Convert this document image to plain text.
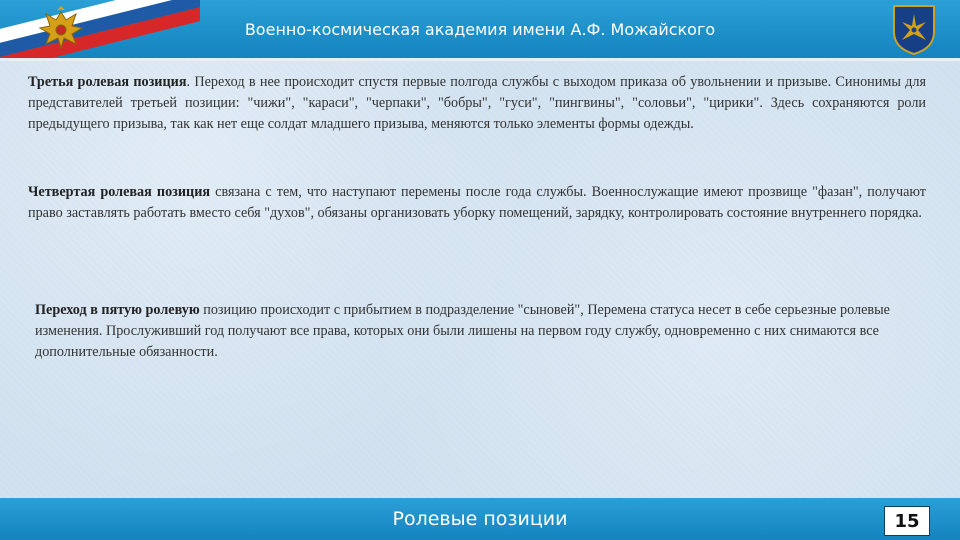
Военно-космическая академия имени А.Ф. Можайского

Третья ролевая позиция. Переход в нее происходит спустя первые полгода службы с выходом приказа об увольнении и призыве. Синонимы для представителей третьей позиции: "чижи", "караси", "черпаки", "бобры", "гуси", "пингвины", "соловьи", "цирики". Здесь сохраняются роли предыдущего призыва, так как нет еще солдат младшего призыва, меняются только элементы формы одежды.

Четвертая ролевая позиция связана с тем, что наступают перемены после года службы. Военнослужащие имеют прозвище "фазан", получают право заставлять работать вместо себя "духов", обязаны организовать уборку помещений, зарядку, контролировать состояние внутреннего порядка.

Переход в пятую ролевую позицию происходит с прибытием в подразделение "сыновей", Перемена статуса несет в себе серьезные ролевые изменения. Прослуживший год получают все права, которых они были лишены на первом году службу, одновременно с них снимаются все дополнительные обязанности.

Ролевые позиции	15
